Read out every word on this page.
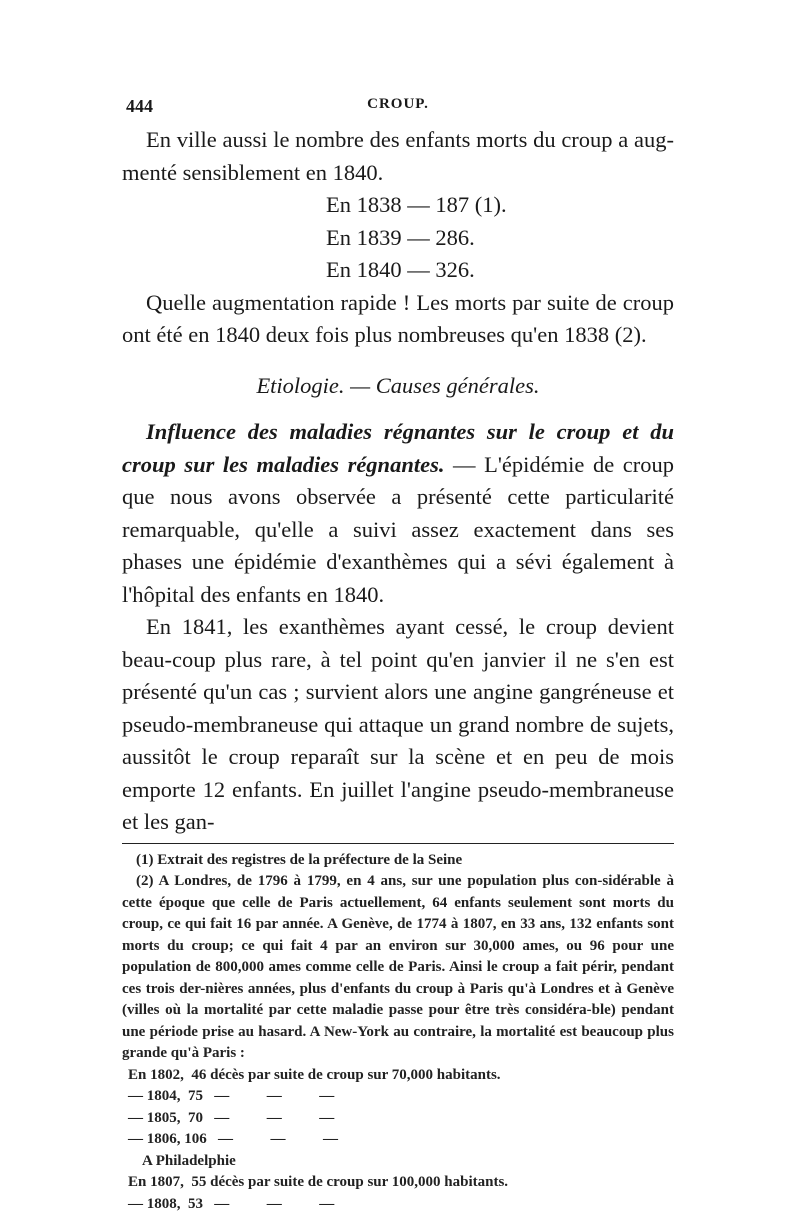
444	CROUP.

En ville aussi le nombre des enfants morts du croup a aug-menté sensiblement en 1840.

En 1838 — 187 (1).

En 1839 — 286.

En 1840 — 326.

Quelle augmentation rapide ! Les morts par suite de croup ont été en 1840 deux fois plus nombreuses qu'en 1838 (2).

Etiologie. — Causes générales.

Influence des maladies régnantes sur le croup et du croup sur les maladies régnantes. — L'épidémie de croup que nous avons observée a présenté cette particularité remarquable, qu'elle a suivi assez exactement dans ses phases une épidémie d'exanthèmes qui a sévi également à l'hôpital des enfants en 1840.

En 1841, les exanthèmes ayant cessé, le croup devient beau-coup plus rare, à tel point qu'en janvier il ne s'en est présenté qu'un cas ; survient alors une angine gangréneuse et pseudo-membraneuse qui attaque un grand nombre de sujets, aussitôt le croup reparaît sur la scène et en peu de mois emporte 12 enfants. En juillet l'angine pseudo-membraneuse et les gan-

(1) Extrait des registres de la préfecture de la Seine

(2) A Londres, de 1796 à 1799, en 4 ans, sur une population plus con-sidérable à cette époque que celle de Paris actuellement, 64 enfants seulement sont morts du croup, ce qui fait 16 par année. A Genève, de 1774 à 1807, en 33 ans, 132 enfants sont morts du croup; ce qui fait 4 par an environ sur 30,000 ames, ou 96 pour une population de 800,000 ames comme celle de Paris. Ainsi le croup a fait périr, pendant ces trois der-nières années, plus d'enfants du croup à Paris qu'à Londres et à Genève (villes où la mortalité par cette maladie passe pour être très considéra-ble) pendant une période prise au hasard. A New-York au contraire, la mortalité est beaucoup plus grande qu'à Paris :

En 1802,  46 décès par suite de croup sur 70,000 habitants.

— 1804,  75   —          —          —

— 1805,  70   —          —          —

— 1806, 106   —          —          —

A Philadelphie

En 1807,  55 décès par suite de croup sur 100,000 habitants.

— 1808,  53   —          —          —
